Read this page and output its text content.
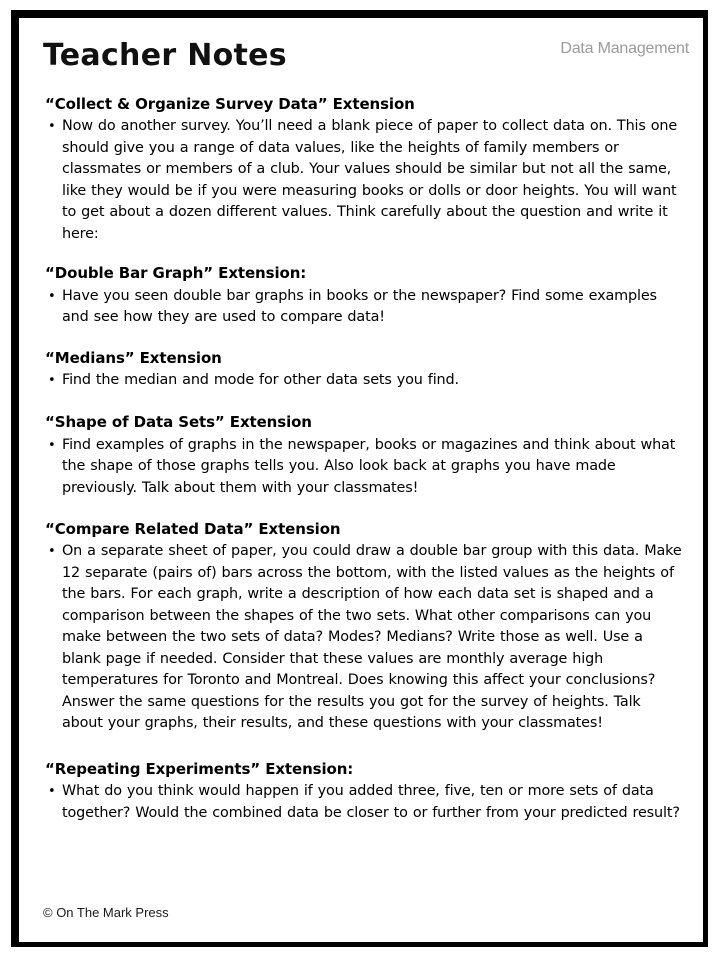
Teacher Notes	Data Management
“Collect & Organize Survey Data” Extension
• Now do another survey. You’ll need a blank piece of paper to collect data on. This one should give you a range of data values, like the heights of family members or classmates or members of a club. Your values should be similar but not all the same, like they would be if you were measuring books or dolls or door heights. You will want to get about a dozen different values. Think carefully about the question and write it here:
“Double Bar Graph” Extension:
• Have you seen double bar graphs in books or the newspaper? Find some examples and see how they are used to compare data!
“Medians” Extension
• Find the median and mode for other data sets you find.
“Shape of Data Sets” Extension
• Find examples of graphs in the newspaper, books or magazines and think about what the shape of those graphs tells you. Also look back at graphs you have made previously. Talk about them with your classmates!
“Compare Related Data” Extension
• On a separate sheet of paper, you could draw a double bar group with this data. Make 12 separate (pairs of) bars across the bottom, with the listed values as the heights of the bars. For each graph, write a description of how each data set is shaped and a comparison between the shapes of the two sets. What other comparisons can you make between the two sets of data? Modes? Medians? Write those as well. Use a blank page if needed. Consider that these values are monthly average high temperatures for Toronto and Montreal. Does knowing this affect your conclusions? Answer the same questions for the results you got for the survey of heights. Talk about your graphs, their results, and these questions with your classmates!
“Repeating Experiments” Extension:
• What do you think would happen if you added three, five, ten or more sets of data together? Would the combined data be closer to or further from your predicted result?
© On The Mark Press
